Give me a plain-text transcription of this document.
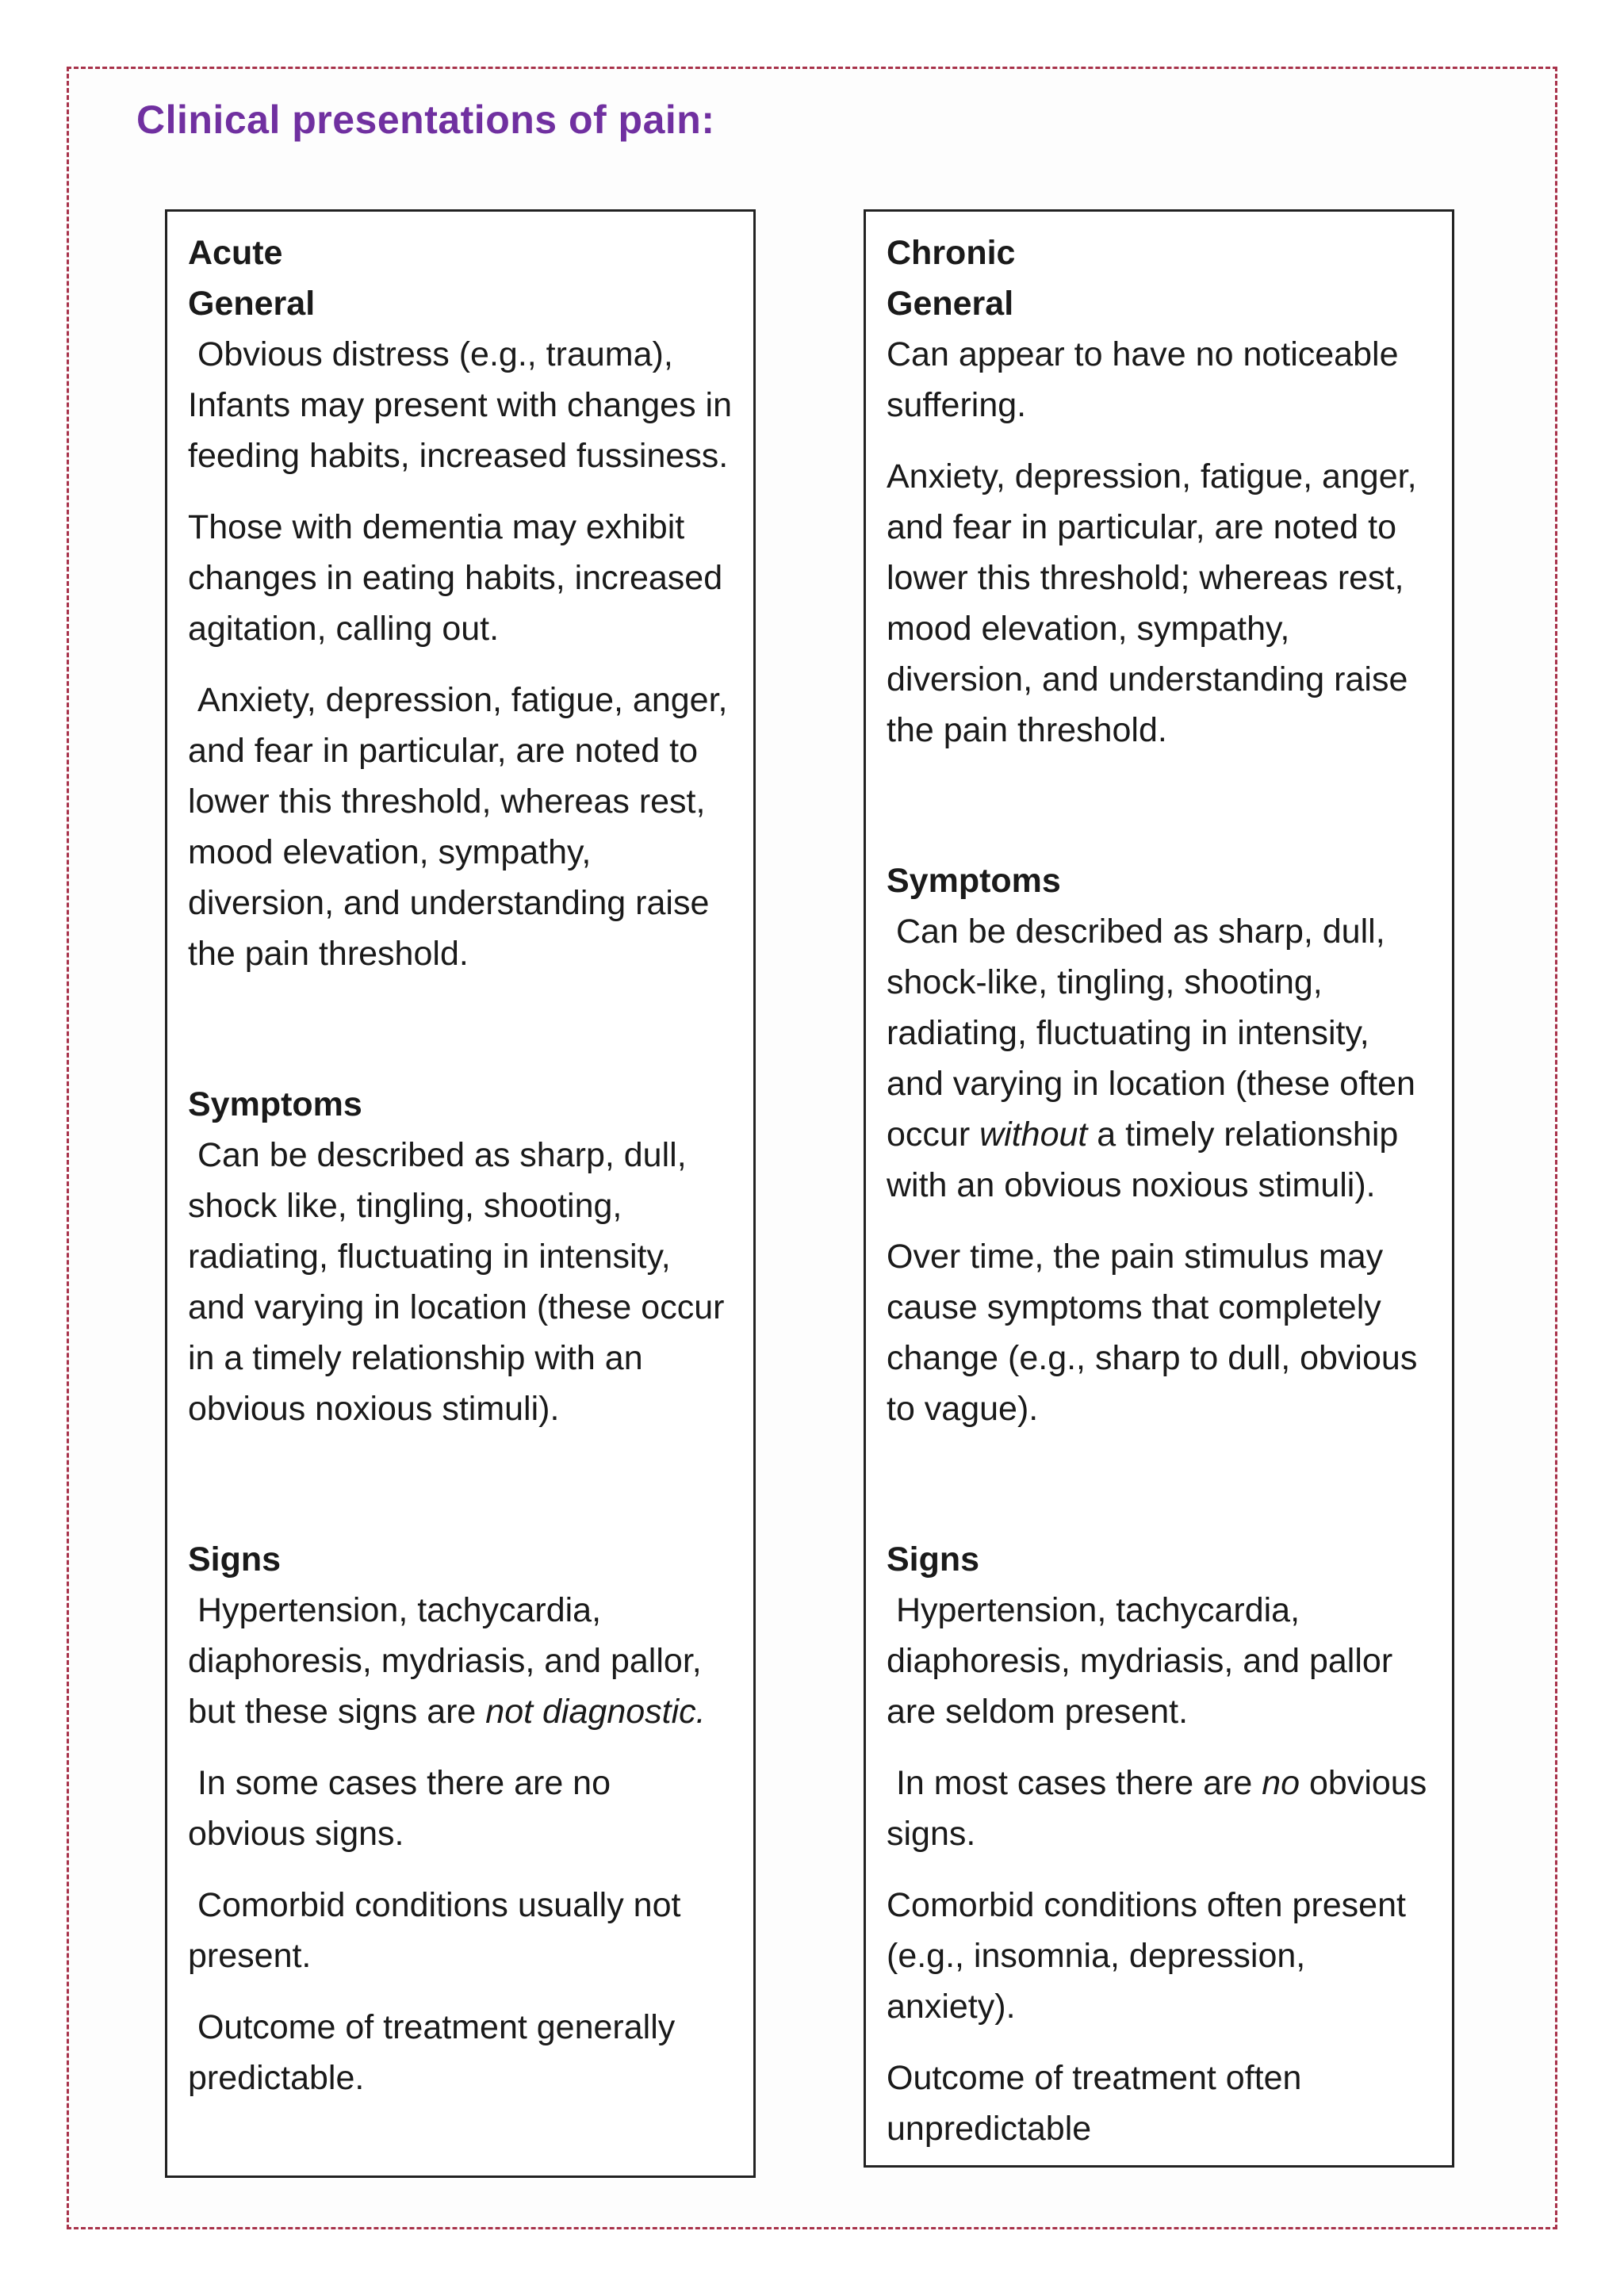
Clinical presentations of pain:
Acute
General

Obvious distress (e.g., trauma), Infants may present with changes in feeding habits, increased fussiness.

Those with dementia may exhibit changes in eating habits, increased agitation, calling out.

Anxiety, depression, fatigue, anger, and fear in particular, are noted to lower this threshold, whereas rest, mood elevation, sympathy, diversion, and understanding raise the pain threshold.

Symptoms

Can be described as sharp, dull, shock like, tingling, shooting, radiating, fluctuating in intensity, and varying in location (these occur in a timely relationship with an obvious noxious stimuli).

Signs

Hypertension, tachycardia, diaphoresis, mydriasis, and pallor, but these signs are not diagnostic.

In some cases there are no obvious signs.

Comorbid conditions usually not present.

Outcome of treatment generally predictable.

Chronic
General

Can appear to have no noticeable suffering.

Anxiety, depression, fatigue, anger, and fear in particular, are noted to lower this threshold; whereas rest, mood elevation, sympathy, diversion, and understanding raise the pain threshold.

Symptoms

Can be described as sharp, dull, shock-like, tingling, shooting, radiating, fluctuating in intensity, and varying in location (these often occur without a timely relationship with an obvious noxious stimuli).

Over time, the pain stimulus may cause symptoms that completely change (e.g., sharp to dull, obvious to vague).

Signs

Hypertension, tachycardia, diaphoresis, mydriasis, and pallor are seldom present.

In most cases there are no obvious signs.

Comorbid conditions often present (e.g., insomnia, depression, anxiety).

Outcome of treatment often unpredictable
